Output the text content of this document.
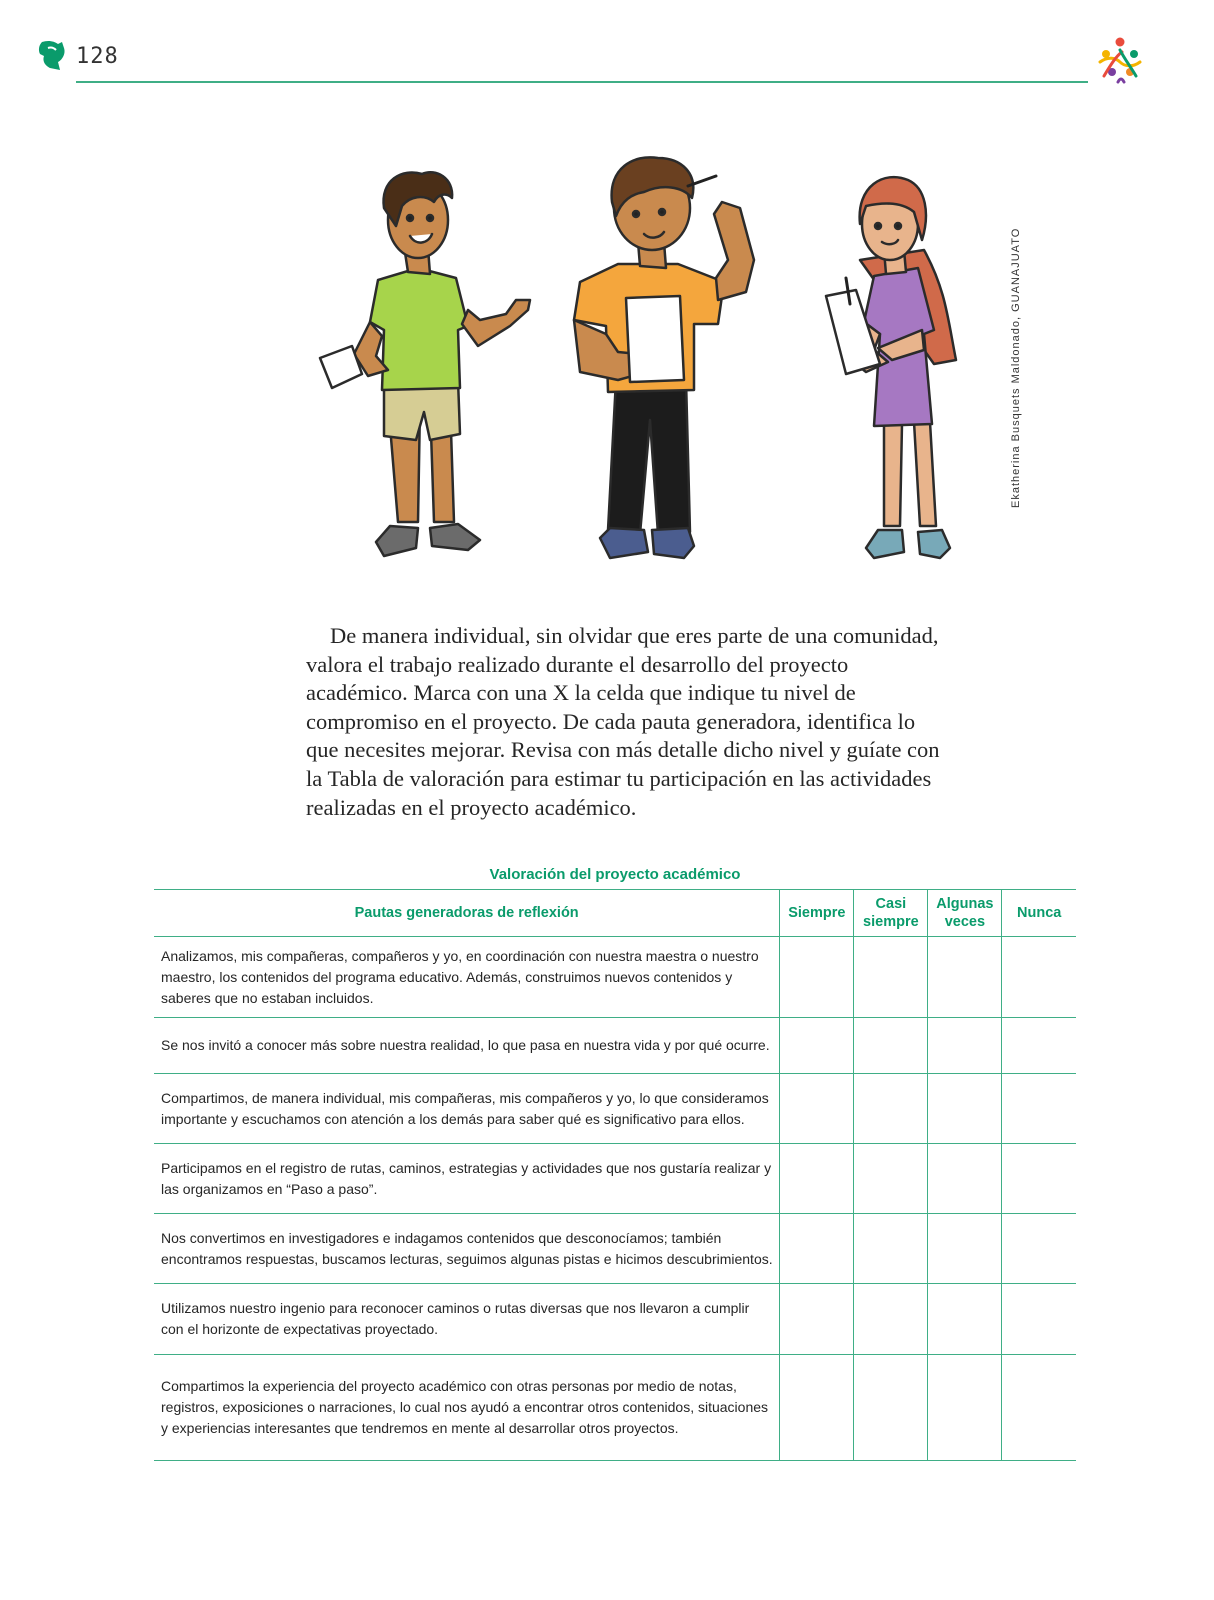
128
Ekatherina Busquets Maldonado, GUANAJUATO

De manera individual, sin olvidar que eres parte de una comunidad, valora el trabajo realizado durante el desarrollo del proyecto académico. Marca con una X la celda que indique tu nivel de compromiso en el proyecto. De cada pauta generadora, identifica lo que necesites mejorar. Revisa con más detalle dicho nivel y guíate con la Tabla de valoración para estimar tu participación en las actividades realizadas en el proyecto académico.

Valoración del proyecto académico
Pautas generadoras de reflexión	Siempre	Casi siempre	Algunas veces	Nunca
Analizamos, mis compañeras, compañeros y yo, en coordinación con nuestra maestra o nuestro maestro, los contenidos del programa educativo. Además, construimos nuevos contenidos y saberes que no estaban incluidos.				
Se nos invitó a conocer más sobre nuestra realidad, lo que pasa en nuestra vida y por qué ocurre.				
Compartimos, de manera individual, mis compañeras, mis compañeros y yo, lo que consideramos importante y escuchamos con atención a los demás para saber qué es significativo para ellos.				
Participamos en el registro de rutas, caminos, estrategias y actividades que nos gustaría realizar y las organizamos en “Paso a paso”.				
Nos convertimos en investigadores e indagamos contenidos que desconocíamos; también encontramos respuestas, buscamos lecturas, seguimos algunas pistas e hicimos descubrimientos.				
Utilizamos nuestro ingenio para reconocer caminos o rutas diversas que nos llevaron a cumplir con el horizonte de expectativas proyectado.				
Compartimos la experiencia del proyecto académico con otras personas por medio de notas, registros, exposiciones o narraciones, lo cual nos ayudó a encontrar otros contenidos, situaciones y experiencias interesantes que tendremos en mente al desarrollar otros proyectos.				
